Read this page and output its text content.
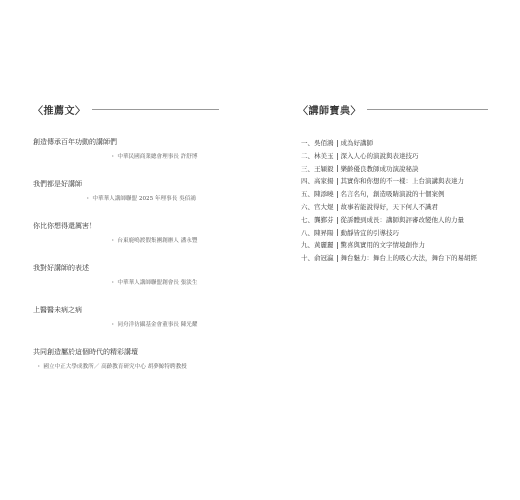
〈推薦文〉
創造傳承百年功動的講師們
・ 中華民國商業總會理事長 許舒博
我們都是好講師
・ 中華華人講師聯盟 2025 年理事長 吳佰鴻
你比你想得還厲害！
・ 台東鹿鳴渡假集團創辦人 潘永豐
我對好講師的表述
・ 中華華人講師聯盟創會長 張淡生
上醫醫未病之病
・ 同舟洋彷攝基金會董事長 陳光耀
共同創造屬於這個時代的精彩講壇
・ 國立中正大學成教所／ 高齡教育研究中心 胡夢鯨特聘教授
〈講師寶典〉
一、吳佰鴻 成為好講師
二、林美玉 深入人心的演說與表達技巧
三、王穎毅 樂齡優良教師成功演說秘訣
四、高家揚 其實你和你想的不一樣：上台演講與表達力
五、陳添曉 名言名句，創造吸睛演說的十個案例
六、官大煜 故事若能說得好，天下何人不識君
七、龔鄞芬 從訴體到成長：講師與評審改變他人的力量
八、陳昇陽 動靜皆宜的引導技巧
九、黃麗麗 驚喜與實用的文字情境創作力
十、俞冠瀛 舞台魅力：舞台上的吸心大法，舞台下的易胡經
